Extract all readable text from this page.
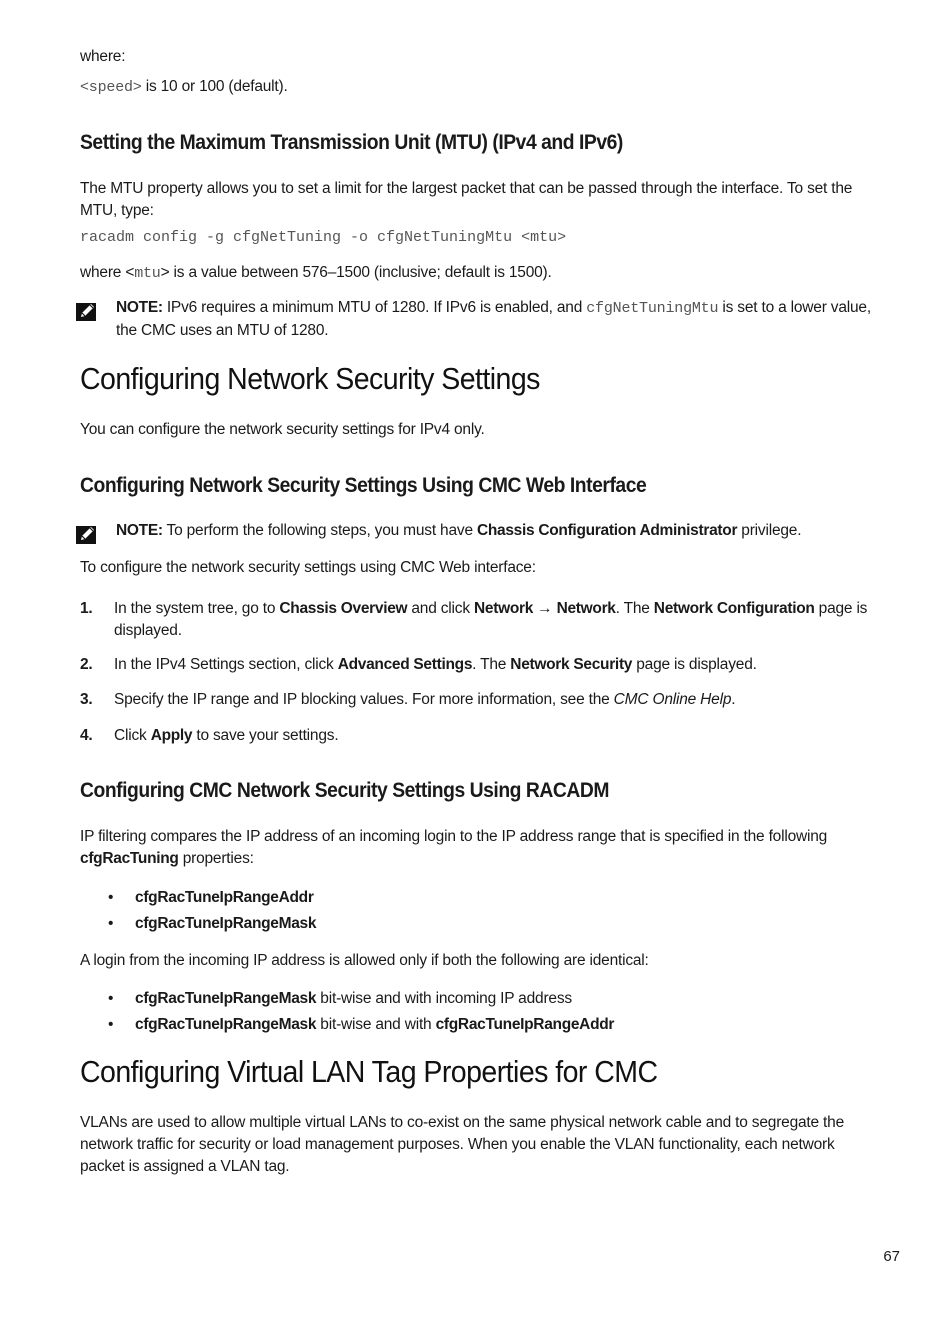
where:
<speed> is 10 or 100 (default).
Setting the Maximum Transmission Unit (MTU) (IPv4 and IPv6)
The MTU property allows you to set a limit for the largest packet that can be passed through the interface. To set the MTU, type:
racadm config -g cfgNetTuning -o cfgNetTuningMtu <mtu>
where <mtu> is a value between 576–1500 (inclusive; default is 1500).
NOTE: IPv6 requires a minimum MTU of 1280. If IPv6 is enabled, and cfgNetTuningMtu is set to a lower value, the CMC uses an MTU of 1280.
Configuring Network Security Settings
You can configure the network security settings for IPv4 only.
Configuring Network Security Settings Using CMC Web Interface
NOTE: To perform the following steps, you must have Chassis Configuration Administrator privilege.
To configure the network security settings using CMC Web interface:
1. In the system tree, go to Chassis Overview and click Network → Network. The Network Configuration page is displayed.
2. In the IPv4 Settings section, click Advanced Settings. The Network Security page is displayed.
3. Specify the IP range and IP blocking values. For more information, see the CMC Online Help.
4. Click Apply to save your settings.
Configuring CMC Network Security Settings Using RACADM
IP filtering compares the IP address of an incoming login to the IP address range that is specified in the following cfgRacTuning properties:
• cfgRacTuneIpRangeAddr
• cfgRacTuneIpRangeMask
A login from the incoming IP address is allowed only if both the following are identical:
• cfgRacTuneIpRangeMask bit-wise and with incoming IP address
• cfgRacTuneIpRangeMask bit-wise and with cfgRacTuneIpRangeAddr
Configuring Virtual LAN Tag Properties for CMC
VLANs are used to allow multiple virtual LANs to co-exist on the same physical network cable and to segregate the network traffic for security or load management purposes. When you enable the VLAN functionality, each network packet is assigned a VLAN tag.
67
